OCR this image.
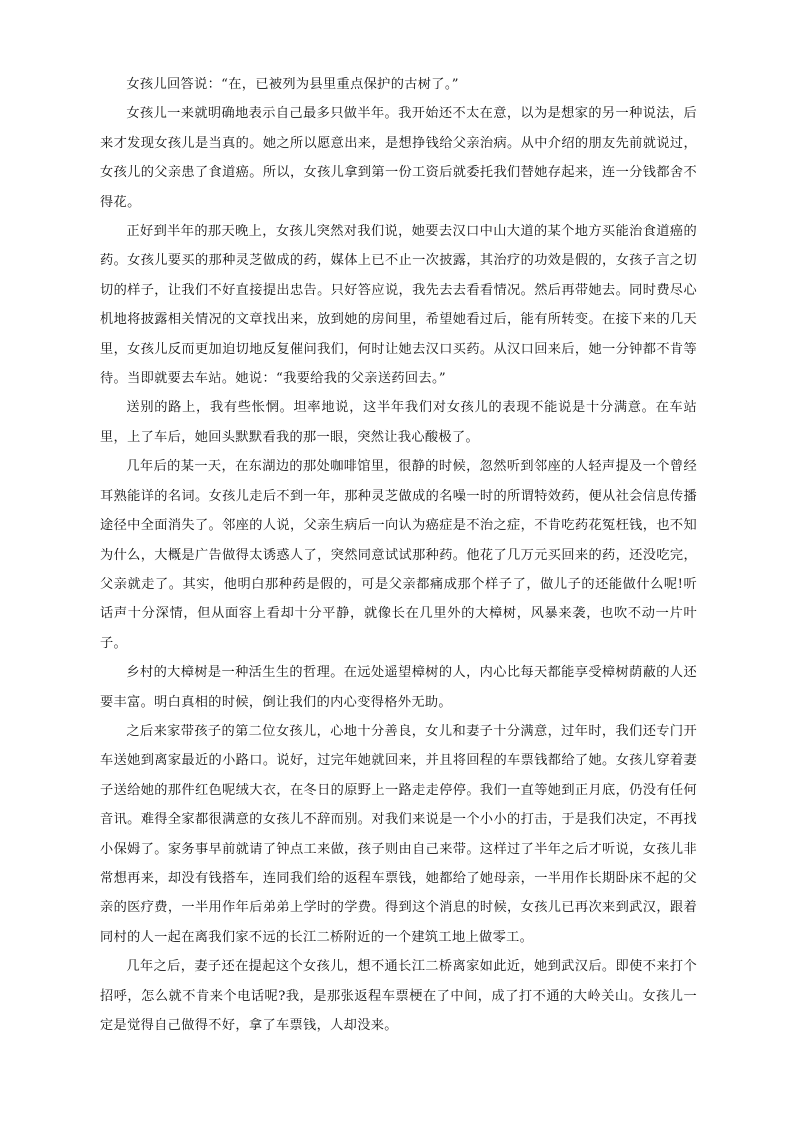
女孩儿回答说：“在，已被列为县里重点保护的古树了。”

女孩儿一来就明确地表示自己最多只做半年。我开始还不太在意，以为是想家的另一种说法，后来才发现女孩儿是当真的。她之所以愿意出来，是想挣钱给父亲治病。从中介绍的朋友先前就说过，女孩儿的父亲患了食道癌。所以，女孩儿拿到第一份工资后就委托我们替她存起来，连一分钱都舍不得花。

正好到半年的那天晚上，女孩儿突然对我们说，她要去汉口中山大道的某个地方买能治食道癌的药。女孩儿要买的那种灵芝做成的药，媒体上已不止一次披露，其治疗的功效是假的，女孩子言之切切的样子，让我们不好直接提出忠告。只好答应说，我先去去看看情况。然后再带她去。同时费尽心机地将披露相关情况的文章找出来，放到她的房间里，希望她看过后，能有所转变。在接下来的几天里，女孩儿反而更加迫切地反复催问我们，何时让她去汉口买药。从汉口回来后，她一分钟都不肯等待。当即就要去车站。她说：“我要给我的父亲送药回去。”

送别的路上，我有些怅惘。坦率地说，这半年我们对女孩儿的表现不能说是十分满意。在车站里，上了车后，她回头默默看我的那一眼，突然让我心酸极了。

几年后的某一天，在东湖边的那处咖啡馆里，很静的时候，忽然听到邻座的人轻声提及一个曾经耳熟能详的名词。女孩儿走后不到一年，那种灵芝做成的名噪一时的所谓特效药，便从社会信息传播途径中全面消失了。邻座的人说，父亲生病后一向认为癌症是不治之症，不肯吃药花冤枉钱，也不知为什么，大概是广告做得太诱惑人了，突然同意试试那种药。他花了几万元买回来的药，还没吃完，父亲就走了。其实，他明白那种药是假的，可是父亲都痛成那个样子了，做儿子的还能做什么呢!听话声十分深情，但从面容上看却十分平静，就像长在几里外的大樟树，风暴来袭，也吹不动一片叶子。

乡村的大樟树是一种活生生的哲理。在远处遥望樟树的人，内心比每天都能享受樟树荫蔽的人还要丰富。明白真相的时候，倒让我们的内心变得格外无助。

之后来家带孩子的第二位女孩儿，心地十分善良，女儿和妻子十分满意，过年时，我们还专门开车送她到离家最近的小路口。说好，过完年她就回来，并且将回程的车票钱都给了她。女孩儿穿着妻子送给她的那件红色呢绒大衣，在冬日的原野上一路走走停停。我们一直等她到正月底，仍没有任何音讯。难得全家都很满意的女孩儿不辞而别。对我们来说是一个小小的打击，于是我们决定，不再找小保姆了。家务事早前就请了钟点工来做，孩子则由自己来带。这样过了半年之后才听说，女孩儿非常想再来，却没有钱搭车，连同我们给的返程车票钱，她都给了她母亲，一半用作长期卧床不起的父亲的医疗费，一半用作年后弟弟上学时的学费。得到这个消息的时候，女孩儿已再次来到武汉，跟着同村的人一起在离我们家不远的长江二桥附近的一个建筑工地上做零工。

几年之后，妻子还在提起这个女孩儿，想不通长江二桥离家如此近，她到武汉后。即使不来打个招呼，怎么就不肯来个电话呢?我，是那张返程车票梗在了中间，成了打不通的大岭关山。女孩儿一定是觉得自己做得不好，拿了车票钱，人却没来。
